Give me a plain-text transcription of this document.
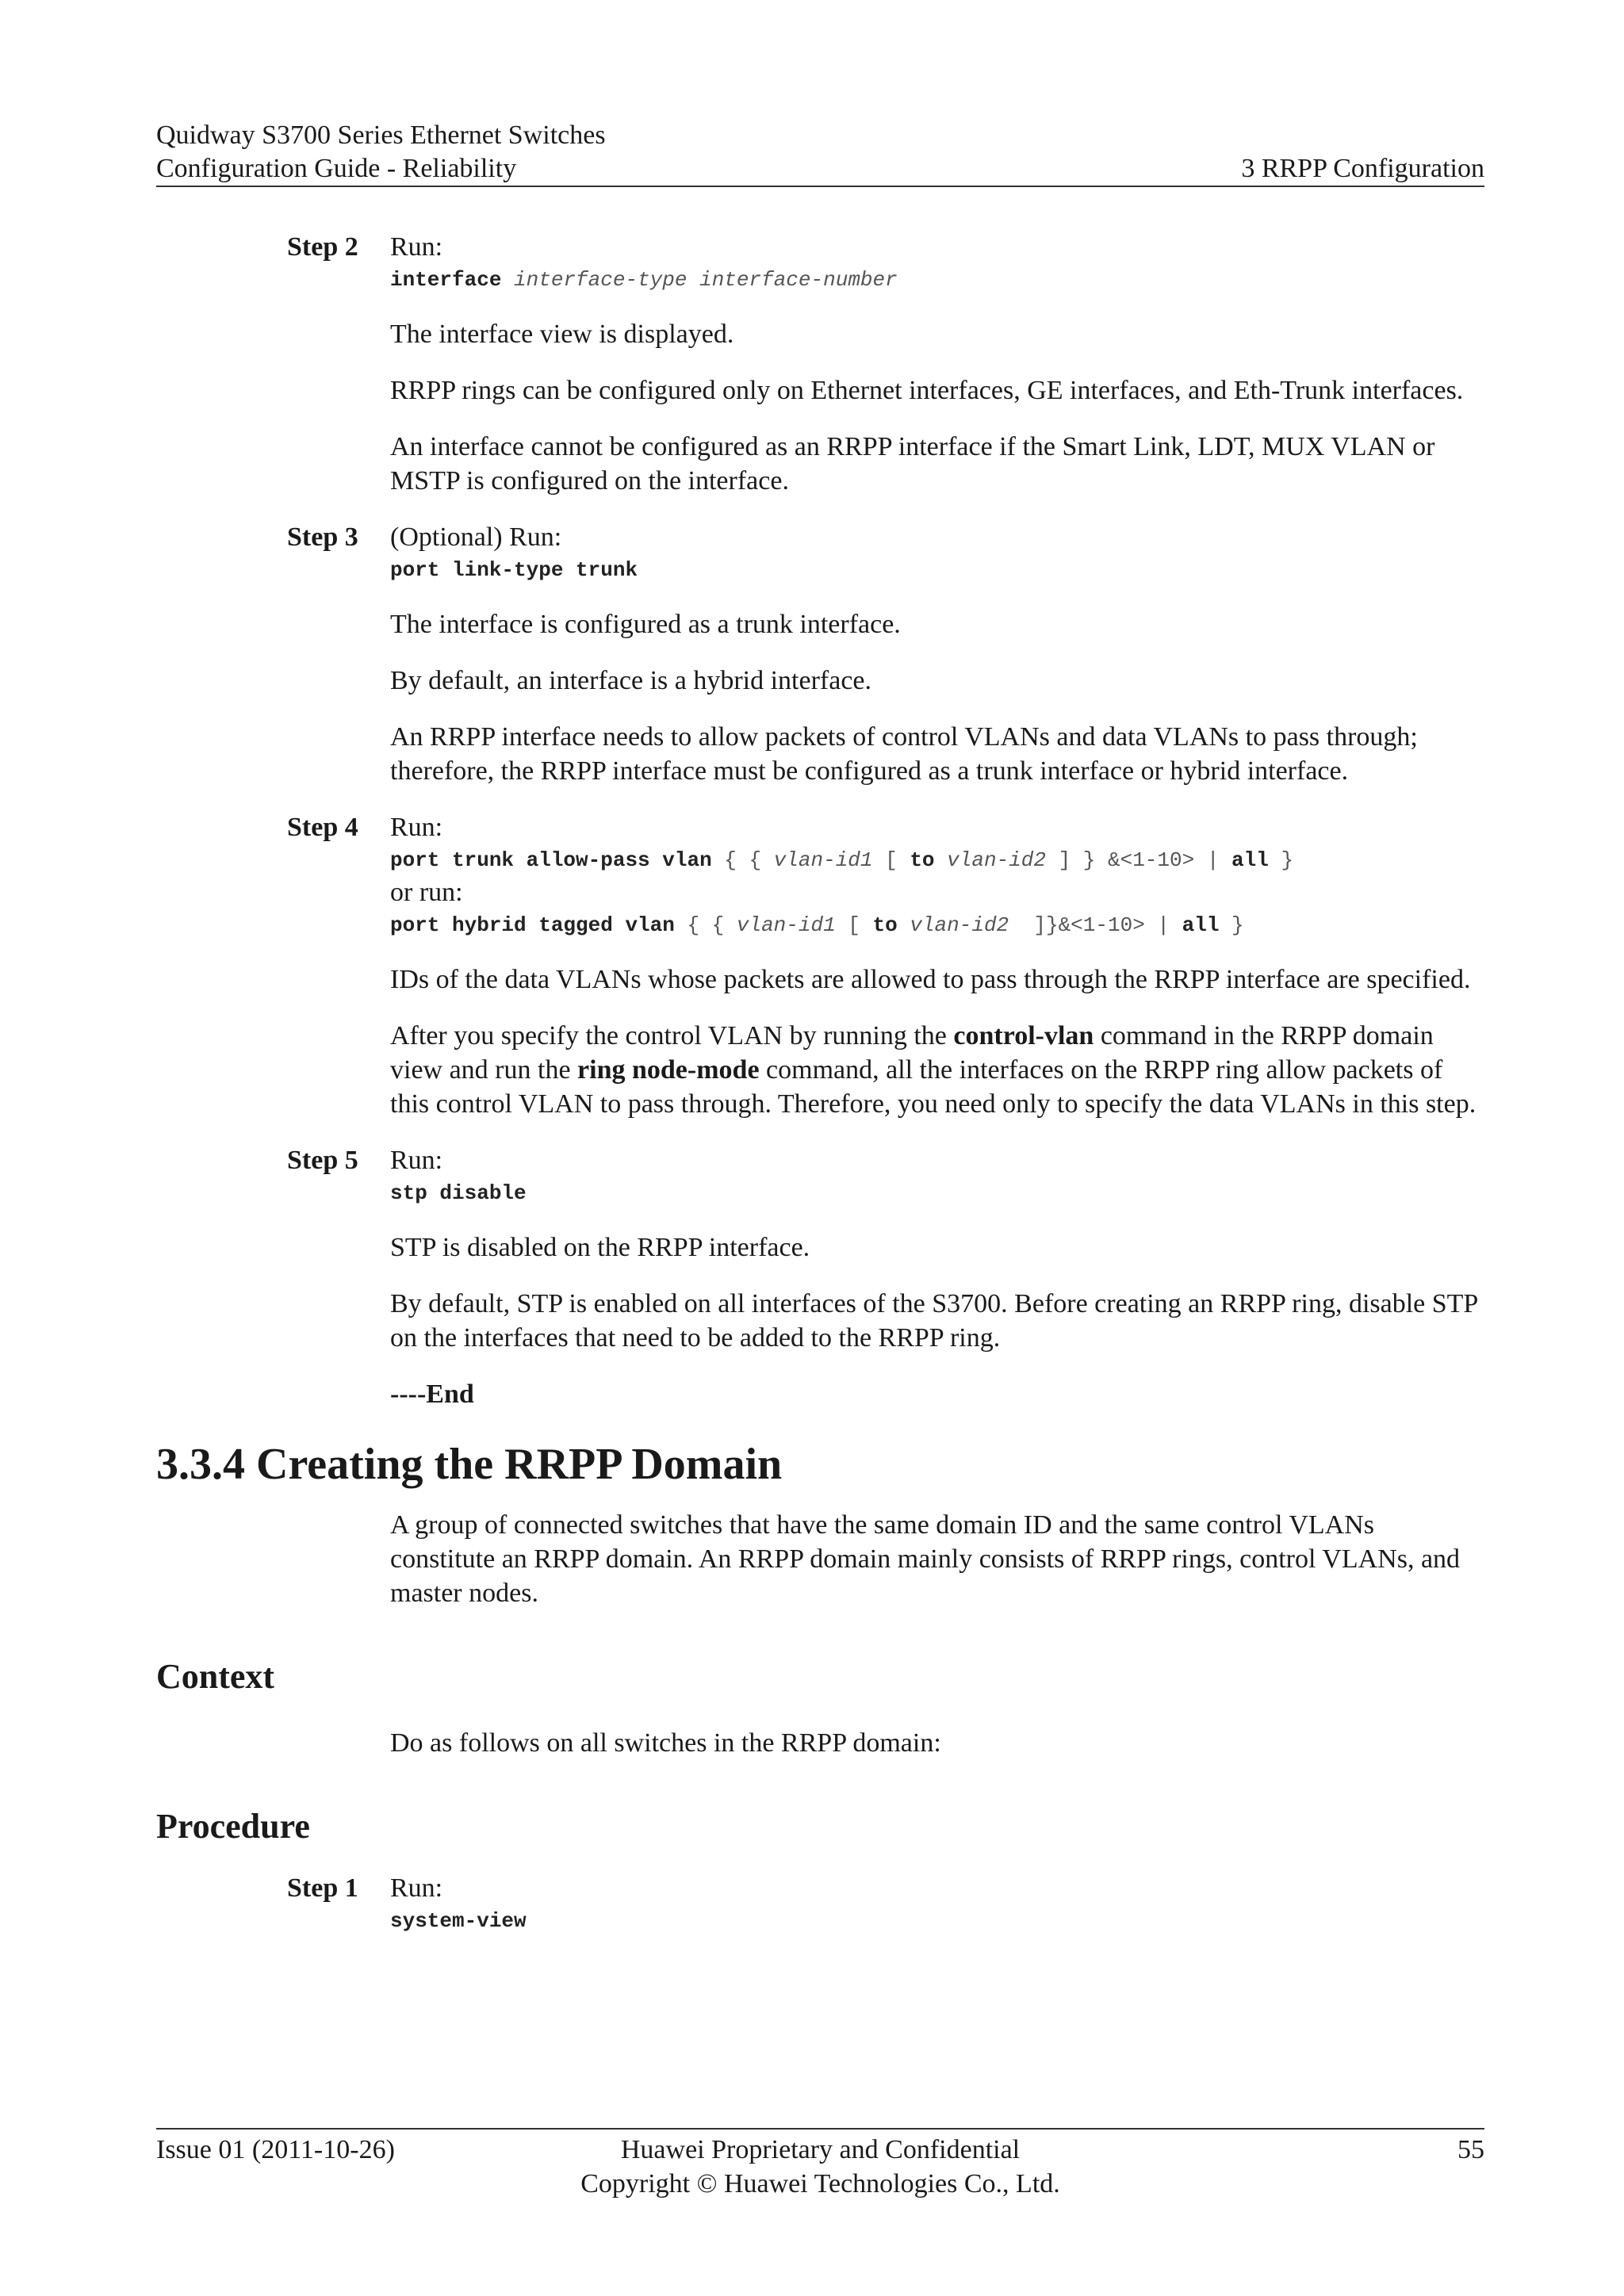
Quidway S3700 Series Ethernet Switches
Configuration Guide - Reliability	3 RRPP Configuration
Step 2 Run:
interface interface-type interface-number

The interface view is displayed.

RRPP rings can be configured only on Ethernet interfaces, GE interfaces, and Eth-Trunk interfaces.

An interface cannot be configured as an RRPP interface if the Smart Link, LDT, MUX VLAN or MSTP is configured on the interface.

Step 3 (Optional) Run:
port link-type trunk

The interface is configured as a trunk interface.

By default, an interface is a hybrid interface.

An RRPP interface needs to allow packets of control VLANs and data VLANs to pass through; therefore, the RRPP interface must be configured as a trunk interface or hybrid interface.

Step 4 Run:
port trunk allow-pass vlan { { vlan-id1 [ to vlan-id2 ] } &<1-10> | all }
or run:
port hybrid tagged vlan { { vlan-id1 [ to vlan-id2  ]}&<1-10> | all }

IDs of the data VLANs whose packets are allowed to pass through the RRPP interface are specified.

After you specify the control VLAN by running the control-vlan command in the RRPP domain view and run the ring node-mode command, all the interfaces on the RRPP ring allow packets of this control VLAN to pass through. Therefore, you need only to specify the data VLANs in this step.

Step 5 Run:
stp disable

STP is disabled on the RRPP interface.

By default, STP is enabled on all interfaces of the S3700. Before creating an RRPP ring, disable STP on the interfaces that need to be added to the RRPP ring.

----End

3.3.4 Creating the RRPP Domain

A group of connected switches that have the same domain ID and the same control VLANs constitute an RRPP domain. An RRPP domain mainly consists of RRPP rings, control VLANs, and master nodes.

Context

Do as follows on all switches in the RRPP domain:

Procedure
Step 1 Run:
system-view
Issue 01 (2011-10-26)	Huawei Proprietary and Confidential
Copyright © Huawei Technologies Co., Ltd.
55
